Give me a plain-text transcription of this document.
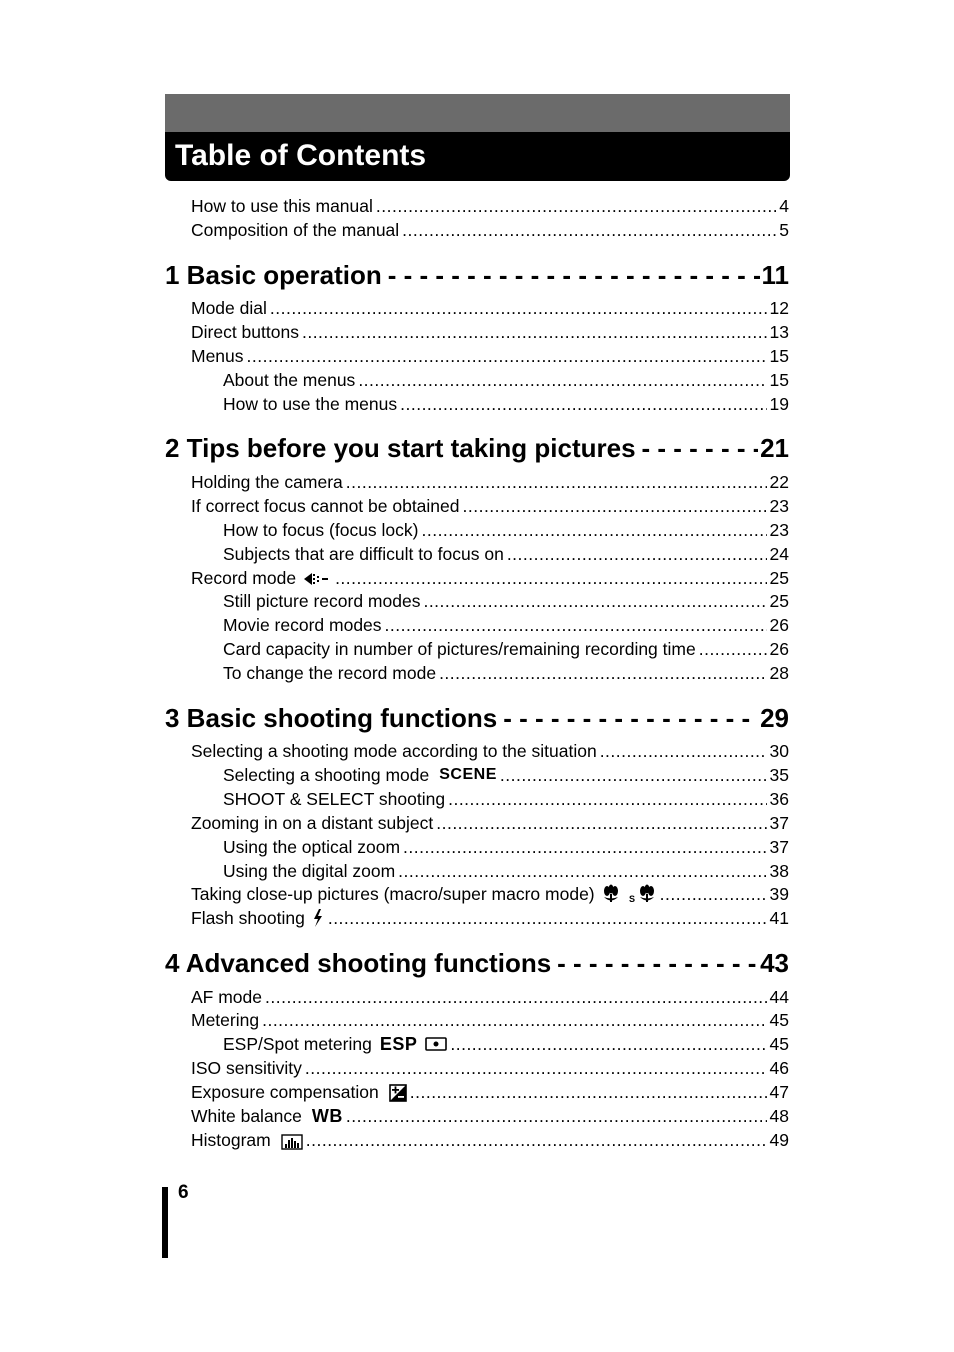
Table of Contents
How to use this manual .....	4
Composition of the manual .....	5
1 Basic operation - - -	11
Mode dial .....	12
Direct buttons .....	13
Menus .....	15
About the menus .....	15
How to use the menus .....	19
2 Tips before you start taking pictures - - -	21
Holding the camera .....	22
If correct focus cannot be obtained .....	23
How to focus (focus lock) .....	23
Subjects that are difficult to focus on .....	24
Record mode .....	25
Still picture record modes .....	25
Movie record modes .....	26
Card capacity in number of pictures/remaining recording time .....	26
To change the record mode .....	28
3 Basic shooting functions - - -	29
Selecting a shooting mode according to the situation .....	30
Selecting a shooting mode SCENE .....	35
SHOOT & SELECT shooting .....	36
Zooming in on a distant subject .....	37
Using the optical zoom .....	37
Using the digital zoom .....	38
Taking close-up pictures (macro/super macro mode)	S .....	39
Flash shooting .....	41
4 Advanced shooting functions - - -	43
AF mode .....	44
Metering .....	45
ESP/Spot metering ESP .....	45
ISO sensitivity .....	46
Exposure compensation .....	47
White balance WB .....	48
Histogram .....	49
6
